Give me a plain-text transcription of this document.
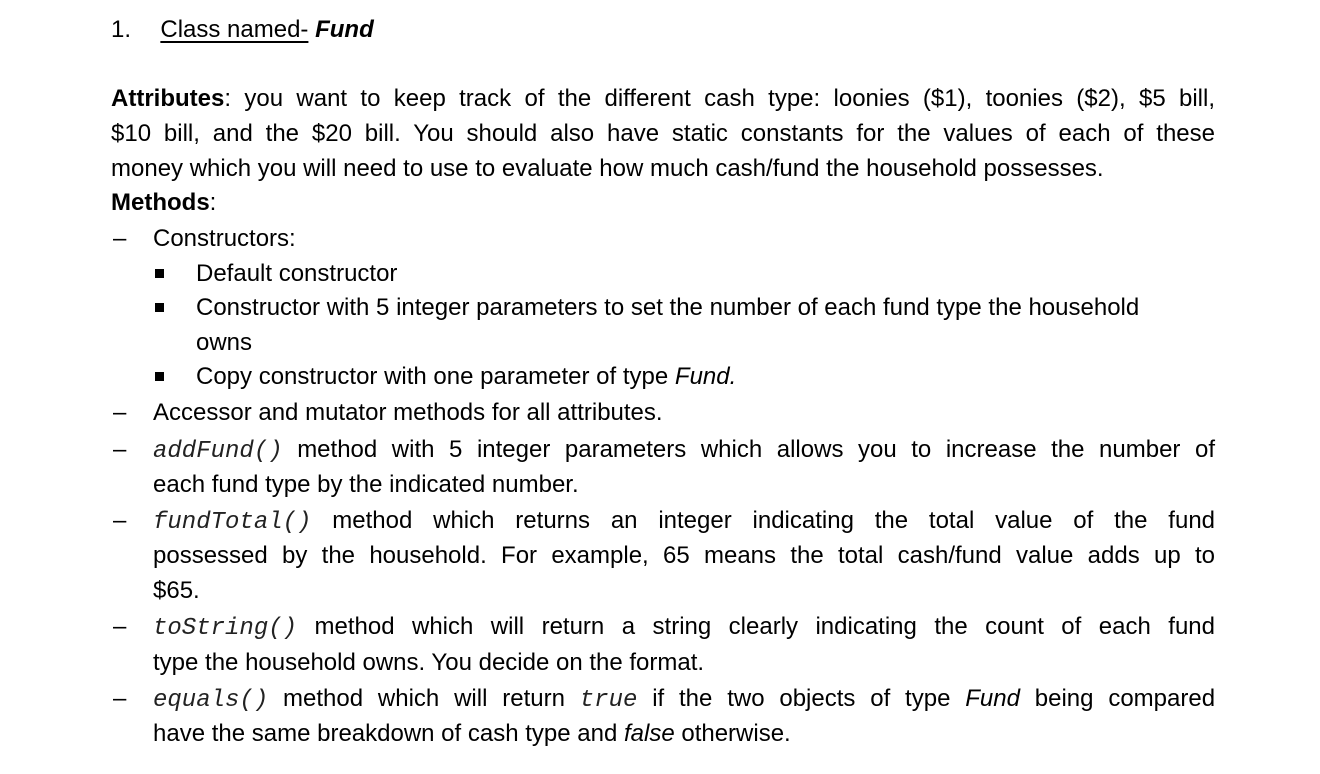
1. Class named- Fund
Attributes: you want to keep track of the different cash type: loonies ($1), toonies ($2), $5 bill,
$10 bill, and the $20 bill. You should also have static constants for the values of each of these
money which you will need to use to evaluate how much cash/fund the household possesses.
Methods:
– Constructors:
Default constructor
Constructor with 5 integer parameters to set the number of each fund type the household
owns
Copy constructor with one parameter of type Fund.
– Accessor and mutator methods for all attributes.
– addFund() method with 5 integer parameters which allows you to increase the number of
each fund type by the indicated number.
– fundTotal() method which returns an integer indicating the total value of the fund
possessed by the household. For example, 65 means the total cash/fund value adds up to
$65.
– toString() method which will return a string clearly indicating the count of each fund
type the household owns. You decide on the format.
– equals() method which will return true if the two objects of type Fund being compared
have the same breakdown of cash type and false otherwise.
